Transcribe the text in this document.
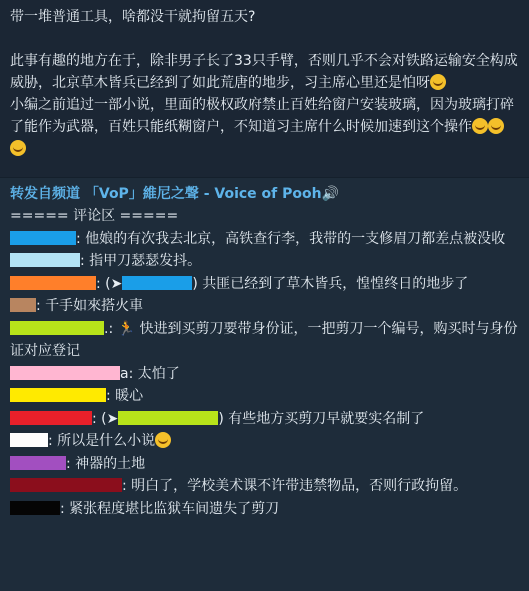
带一堆普通工具，啥都没干就拘留五天?

此事有趣的地方在于，除非男子长了33只手臂，否则几乎不会对铁路运输安全构成威胁，北京草木皆兵已经到了如此荒唐的地步，习主席心里还是怕呀

小编之前追过一部小说，里面的极权政府禁止百姓给窗户安装玻璃，因为玻璃打碎了能作为武器，百姓只能纸糊窗户，不知道习主席什么时候加速到这个操作

转发自频道 「VoP」維尼之聲 - Voice of Pooh🔊

===== 评论区 =====

: 他娘的有次我去北京，高铁查行李，我带的一支修眉刀都差点被没收

: 指甲刀瑟瑟发抖。

: (➤	) 共匪已经到了草木皆兵，惶惶终日的地步了

: 千手如來搭火車

.: 🏃 快进到买剪刀要带身份证，一把剪刀一个编号，购买时与身份证对应登记

a: 太怕了

: 暖心

: (➤	) 有些地方买剪刀早就要实名制了

: 所以是什么小说

: 神器的土地

: 明白了，学校美术课不许带违禁物品，否则行政拘留。

: 紧张程度堪比监狱车间遗失了剪刀
